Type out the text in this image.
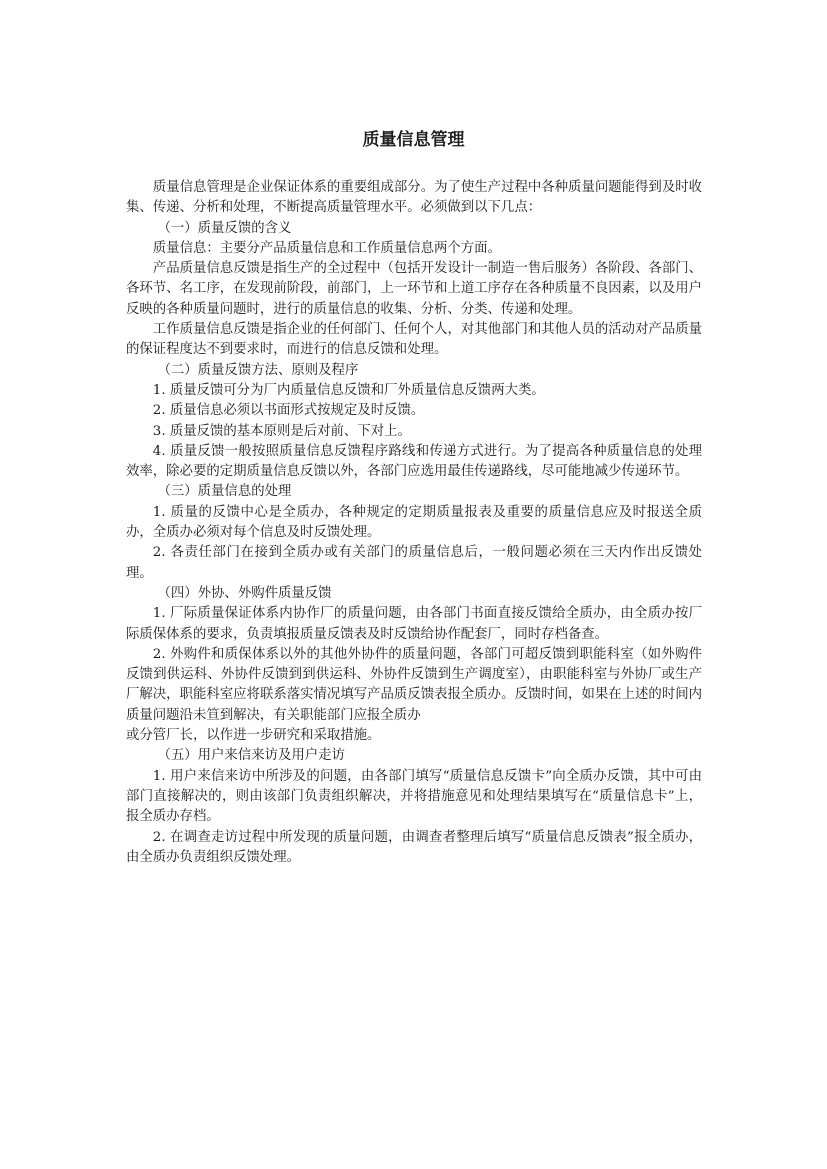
质量信息管理

质量信息管理是企业保证体系的重要组成部分。为了使生产过程中各种质量问题能得到及时收集、传递、分析和处理，不断提高质量管理水平。必须做到以下几点：

（一）质量反馈的含义

质量信息：主要分产品质量信息和工作质量信息两个方面。

产品质量信息反馈是指生产的全过程中（包括开发设计一制造一售后服务）各阶段、各部门、各环节、名工序，在发现前阶段，前部门，上一环节和上道工序存在各种质量不良因素，以及用户反映的各种质量问题时，进行的质量信息的收集、分析、分类、传递和处理。

工作质量信息反馈是指企业的任何部门、任何个人，对其他部门和其他人员的活动对产品质量的保证程度达不到要求时，而进行的信息反馈和处理。

（二）质量反馈方法、原则及程序

1. 质量反馈可分为厂内质量信息反馈和厂外质量信息反馈两大类。

2. 质量信息必须以书面形式按规定及时反馈。

3. 质量反馈的基本原则是后对前、下对上。

4. 质量反馈一般按照质量信息反馈程序路线和传递方式进行。为了提高各种质量信息的处理效率，除必要的定期质量信息反馈以外，各部门应选用最佳传递路线，尽可能地减少传递环节。

（三）质量信息的处理

1. 质量的反馈中心是全质办，各种规定的定期质量报表及重要的质量信息应及时报送全质办，全质办必须对每个信息及时反馈处理。

2. 各责任部门在接到全质办或有关部门的质量信息后，一般问题必须在三天内作出反馈处理。

（四）外协、外购件质量反馈

1. 厂际质量保证体系内协作厂的质量问题，由各部门书面直接反馈给全质办，由全质办按厂际质保体系的要求，负责填报质量反馈表及时反馈给协作配套厂，同时存档备查。

2. 外购件和质保体系以外的其他外协件的质量问题，各部门可超反馈到职能科室（如外购件反馈到供运科、外协件反馈到到供运科、外协件反馈到生产调度室），由职能科室与外协厂或生产厂解决，职能科室应将联系落实情况填写产品质反馈表报全质办。反馈时间，如果在上述的时间内质量问题沿未笪到解决，有关职能部门应报全质办

或分管厂长，以作进一步研究和采取措施。

（五）用户来信来访及用户走访

1. 用户来信来访中所涉及的问题，由各部门填写“质量信息反馈卡”向全质办反馈，其中可由部门直接解决的，则由该部门负责组织解决，并将措施意见和处理结果填写在“质量信息卡”上，报全质办存档。

2. 在调查走访过程中所发现的质量问题，由调查者整理后填写“质量信息反馈表”报全质办，由全质办负责组织反馈处理。
